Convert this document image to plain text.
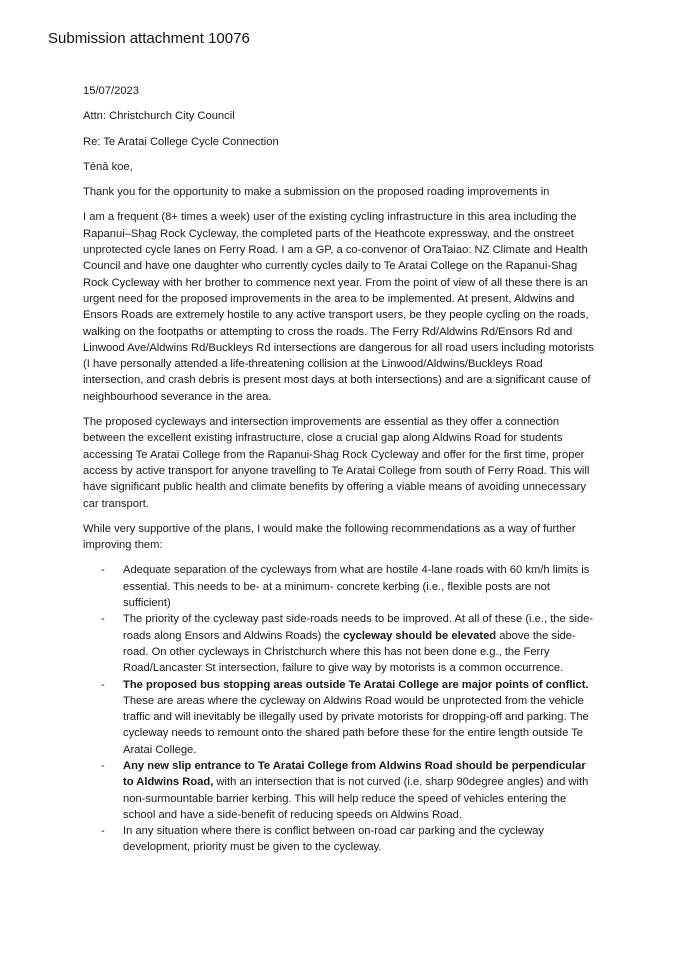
Submission attachment 10076

15/07/2023

Attn: Christchurch City Council

Re: Te Aratai College Cycle Connection

Tēnā koe,

Thank you for the opportunity to make a submission on the proposed roading improvements in

I am a frequent (8+ times a week) user of the existing cycling infrastructure in this area including the Rapanui–Shag Rock Cycleway, the completed parts of the Heathcote expressway, and the onstreet unprotected cycle lanes on Ferry Road. I am a GP, a co-convenor of OraTaiao: NZ Climate and Health Council and have one daughter who currently cycles daily to Te Aratai College on the Rapanui-Shag Rock Cycleway with her brother to commence next year. From the point of view of all these there is an urgent need for the proposed improvements in the area to be implemented. At present, Aldwins and Ensors Roads are extremely hostile to any active transport users, be they people cycling on the roads, walking on the footpaths or attempting to cross the roads. The Ferry Rd/Aldwins Rd/Ensors Rd and Linwood Ave/Aldwins Rd/Buckleys Rd intersections are dangerous for all road users including motorists (I have personally attended a life-threatening collision at the Linwood/Aldwins/Buckleys Road intersection, and crash debris is present most days at both intersections) and are a significant cause of neighbourhood severance in the area.

The proposed cycleways and intersection improvements are essential as they offer a connection between the excellent existing infrastructure, close a crucial gap along Aldwins Road for students accessing Te Aratai College from the Rapanui-Shag Rock Cycleway and offer for the first time, proper access by active transport for anyone travelling to Te Aratai College from south of Ferry Road. This will have significant public health and climate benefits by offering a viable means of avoiding unnecessary car transport.

While very supportive of the plans, I would make the following recommendations as a way of further improving them:

- Adequate separation of the cycleways from what are hostile 4-lane roads with 60 km/h limits is essential. This needs to be- at a minimum- concrete kerbing (i.e., flexible posts are not sufficient)
- The priority of the cycleway past side-roads needs to be improved. At all of these (i.e., the side-roads along Ensors and Aldwins Roads) the cycleway should be elevated above the side-road. On other cycleways in Christchurch where this has not been done e.g., the Ferry Road/Lancaster St intersection, failure to give way by motorists is a common occurrence.
- The proposed bus stopping areas outside Te Aratai College are major points of conflict. These are areas where the cycleway on Aldwins Road would be unprotected from the vehicle traffic and will inevitably be illegally used by private motorists for dropping-off and parking. The cycleway needs to remount onto the shared path before these for the entire length outside Te Aratai College.
- Any new slip entrance to Te Aratai College from Aldwins Road should be perpendicular to Aldwins Road, with an intersection that is not curved (i.e. sharp 90degree angles) and with non-surmountable barrier kerbing. This will help reduce the speed of vehicles entering the school and have a side-benefit of reducing speeds on Aldwins Road.
- In any situation where there is conflict between on-road car parking and the cycleway development, priority must be given to the cycleway.
